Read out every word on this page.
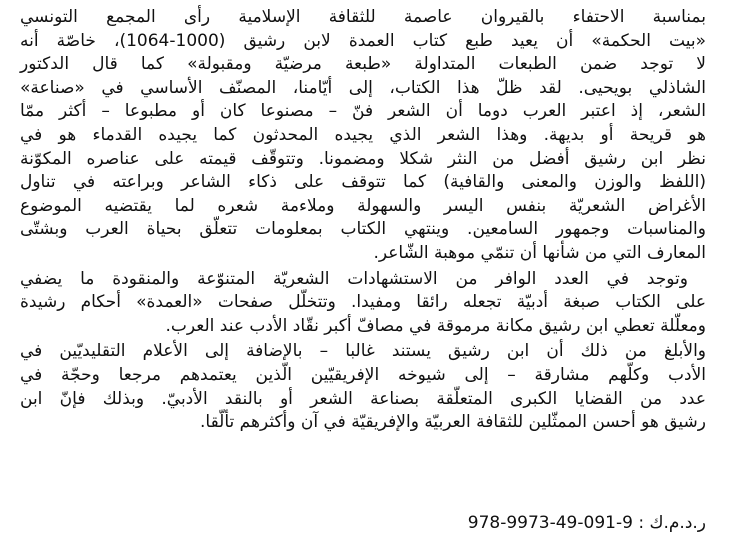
بمناسبة الاحتفاء بالقيروان عاصمة للثقافة الإسلامية رأى المجمع التونسي
«بيت الحكمة» أن يعيد طبع كتاب العمدة لابن رشيق (1000-1064)، خاصّة أنه
لا توجد ضمن الطبعات المتداولة «طبعة مرضيّة ومقبولة» كما قال الدكتور
الشاذلي بويحيى. لقد ظلّ هذا الكتاب، إلى أيّامنا، المصنّف الأساسي في «صناعة»
الشعر، إذ اعتبر العرب دوما أن الشعر فنّ – مصنوعا كان أو مطبوعا – أكثر ممّا
هو قريحة أو بديهة. وهذا الشعر الذي يجيده المحدثون كما يجيده القدماء هو في
نظر ابن رشيق أفضل من النثر شكلا ومضمونا. وتتوقّف قيمته على عناصره المكوّنة
(اللفظ والوزن والمعنى والقافية) كما تتوقف على ذكاء الشاعر وبراعته في تناول
الأغراض الشعريّة بنفس اليسر والسهولة وملاءمة شعره لما يقتضيه الموضوع
والمناسبات وجمهور السامعين. وينتهي الكتاب بمعلومات تتعلّق بحياة العرب وبشتّى
المعارف التي من شأنها أن تنمّي موهبة الشّاعر.
وتوجد في العدد الوافر من الاستشهادات الشعريّة المتنوّعة والمنقودة ما يضفي
على الكتاب صبغة أدبيّة تجعله رائقا ومفيدا. وتتخلّل صفحات «العمدة» أحكام رشيدة
ومعلّلة تعطي ابن رشيق مكانة مرموقة في مصافّ أكبر نقّاد الأدب عند العرب.
والأبلغ من ذلك أن ابن رشيق يستند غالبا – بالإضافة إلى الأعلام التقليديّين في
الأدب وكلّهم مشارقة – إلى شيوخه الإفريقيّين الّذين يعتمدهم مرجعا وحجّة في
عدد من القضايا الكبرى المتعلّقة بصناعة الشعر أو بالنقد الأدبيّ. وبذلك فإنّ ابن
رشيق هو أحسن الممثّلين للثقافة العربيّة والإفريقيّة في آن وأكثرهم تألّقا.
ر.د.م.ك : 978-9973-49-091-9
